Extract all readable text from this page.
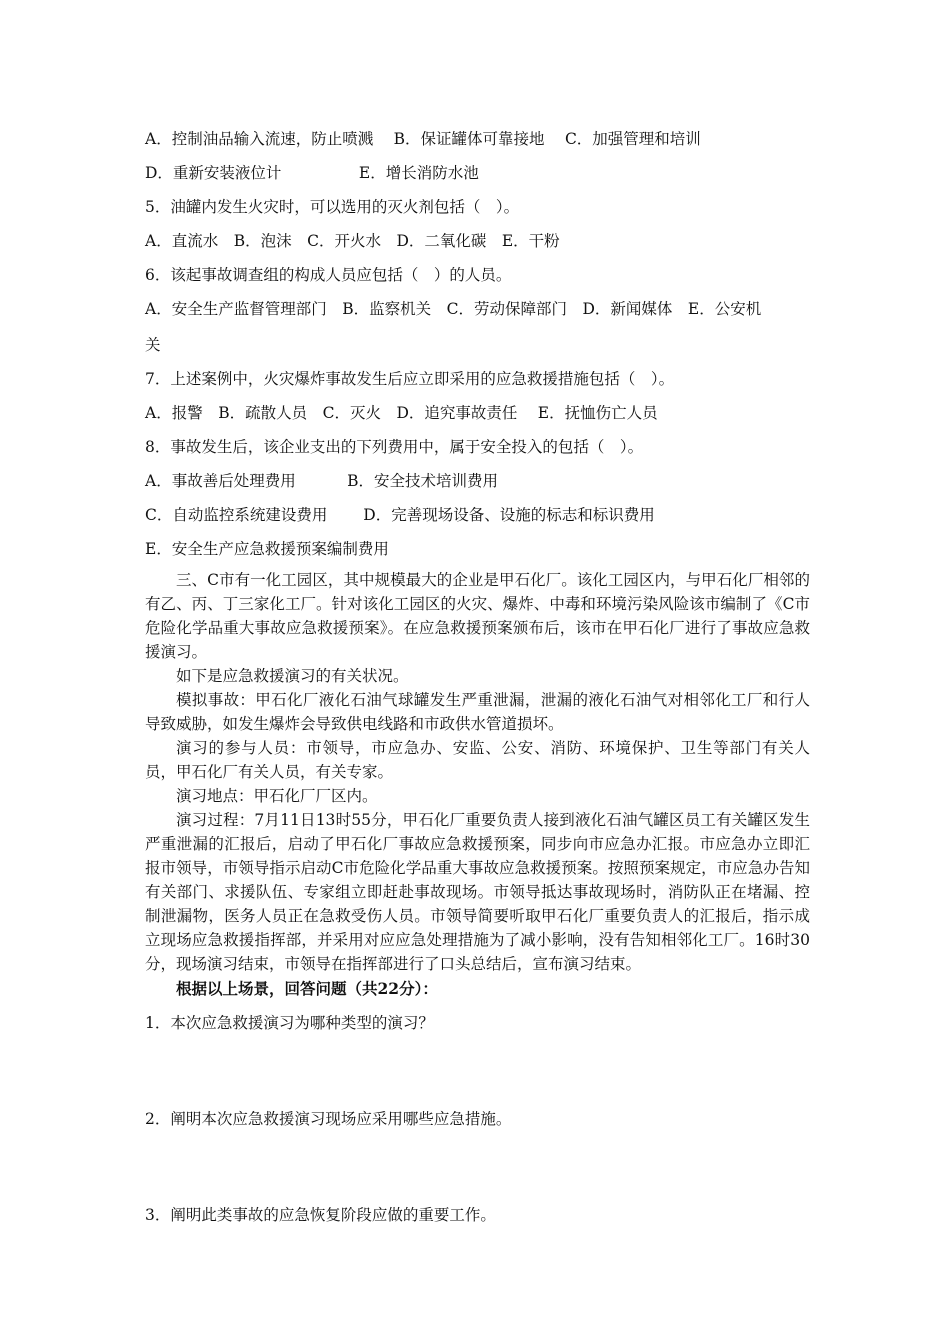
A．控制油品输入流速，防止喷溅　 B．保证罐体可靠接地　 C．加强管理和培训
D．重新安装液位计　　　　　E．增长消防水池
5．油罐内发生火灾时，可以选用的灭火剂包括（　）。
A．直流水　B．泡沫　C．开火水　D．二氧化碳　E．干粉
6．该起事故调查组的构成人员应包括（　）的人员。
A．安全生产监督管理部门　B．监察机关　C．劳动保障部门　D．新闻媒体　E．公安机
关
7．上述案例中，火灾爆炸事故发生后应立即采用的应急救援措施包括（　）。
A．报警　B．疏散人员　C．灭火　D．追究事故责任　 E．抚恤伤亡人员
8．事故发生后，该企业支出的下列费用中，属于安全投入的包括（　）。
A．事故善后处理费用　　　 B．安全技术培训费用
C．自动监控系统建设费用　　 D．完善现场设备、设施的标志和标识费用
E．安全生产应急救援预案编制费用

三、C市有一化工园区，其中规模最大的企业是甲石化厂。该化工园区内，与甲石化厂相邻的有乙、丙、丁三家化工厂。针对该化工园区的火灾、爆炸、中毒和环境污染风险该市编制了《C市危险化学品重大事故应急救援预案》。在应急救援预案颁布后，该市在甲石化厂进行了事故应急救援演习。

如下是应急救援演习的有关状况。

模拟事故：甲石化厂液化石油气球罐发生严重泄漏，泄漏的液化石油气对相邻化工厂和行人导致威胁，如发生爆炸会导致供电线路和市政供水管道损坏。

演习的参与人员：市领导，市应急办、安监、公安、消防、环境保护、卫生等部门有关人员，甲石化厂有关人员，有关专家。

演习地点：甲石化厂厂区内。

演习过程：7月11日13时55分，甲石化厂重要负责人接到液化石油气罐区员工有关罐区发生严重泄漏的汇报后，启动了甲石化厂事故应急救援预案，同步向市应急办汇报。市应急办立即汇报市领导，市领导指示启动C市危险化学品重大事故应急救援预案。按照预案规定，市应急办告知有关部门、求援队伍、专家组立即赶赴事故现场。市领导抵达事故现场时，消防队正在堵漏、控制泄漏物，医务人员正在急救受伤人员。市领导简要听取甲石化厂重要负责人的汇报后，指示成立现场应急救援指挥部，并采用对应应急处理措施为了减小影响，没有告知相邻化工厂。16时30分，现场演习结束，市领导在指挥部进行了口头总结后，宣布演习结束。

根据以上场景，回答问题（共22分）：
1．本次应急救援演习为哪种类型的演习？
2．阐明本次应急救援演习现场应采用哪些应急措施。
3．阐明此类事故的应急恢复阶段应做的重要工作。
